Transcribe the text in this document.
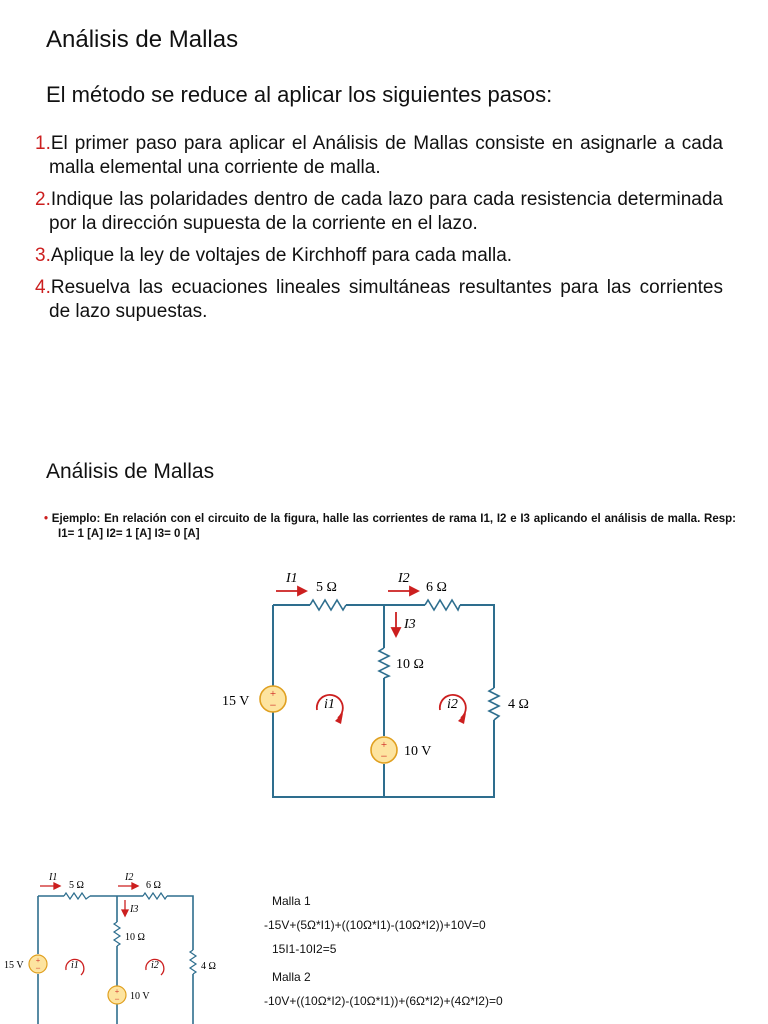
Análisis de Mallas
El método se reduce al aplicar los siguientes pasos:
1.El primer paso para aplicar el Análisis de Mallas consiste en asignarle a cada malla elemental una corriente de malla.
2.Indique las polaridades dentro de cada lazo para cada resistencia determinada por la dirección supuesta de la corriente en el lazo.
3.Aplique la ley de voltajes de Kirchhoff para cada malla.
4.Resuelva las ecuaciones lineales simultáneas resultantes para las corrientes de lazo supuestas.
Análisis de Mallas
• Ejemplo: En relación con el circuito de la figura, halle las corrientes de rama I1, I2 e I3 aplicando el análisis de malla. Resp: I1= 1 [A] I2= 1 [A] I3= 0 [A]
+
−
+
−
I1	I2
I3
5 Ω	6 Ω
10 Ω
4 Ω
15 V
10 V
i1	i2
+
−
+
−
I1	I2
I3
5 Ω	6 Ω
10 Ω
4 Ω
15 V
10 V
i1	i2
Malla 1
-15V+(5Ω*I1)+((10Ω*I1)-(10Ω*I2))+10V=0
15I1-10I2=5
Malla 2
-10V+((10Ω*I2)-(10Ω*I1))+(6Ω*I2)+(4Ω*I2)=0
